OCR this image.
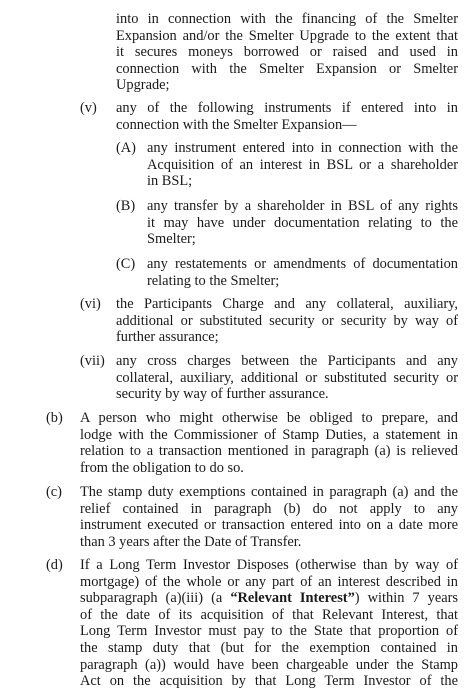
into in connection with the financing of the Smelter
Expansion and/or the Smelter Upgrade to the extent that
it secures moneys borrowed or raised and used in
connection with the Smelter Expansion or Smelter
Upgrade;
(v)	any of the following instruments if entered into in
connection with the Smelter Expansion—
(A) any instrument entered into in connection with the
Acquisition of an interest in BSL or a shareholder
in BSL;
(B) any transfer by a shareholder in BSL of any rights
it may have under documentation relating to the
Smelter;
(C) any restatements or amendments of documentation
relating to the Smelter;
(vi)	the Participants Charge and any collateral, auxiliary,
additional or substituted security or security by way of
further assurance;
(vii) any cross charges between the Participants and any
collateral, auxiliary, additional or substituted security or
security by way of further assurance.
(b)	A person who might otherwise be obliged to prepare, and
lodge with the Commissioner of Stamp Duties, a statement in
relation to a transaction mentioned in paragraph (a) is relieved
from the obligation to do so.
(c)	The stamp duty exemptions contained in paragraph (a) and the
relief contained in paragraph (b) do not apply to any
instrument executed or transaction entered into on a date more
than 3 years after the Date of Transfer.
(d)	If a Long Term Investor Disposes (otherwise than by way of
mortgage) of the whole or any part of an interest described in
subparagraph (a)(iii) (a “Relevant Interest”) within 7 years
of the date of its acquisition of that Relevant Interest, that
Long Term Investor must pay to the State that proportion of
the stamp duty that (but for the exemption contained in
paragraph (a)) would have been chargeable under the Stamp
Act on the acquisition by that Long Term Investor of the
